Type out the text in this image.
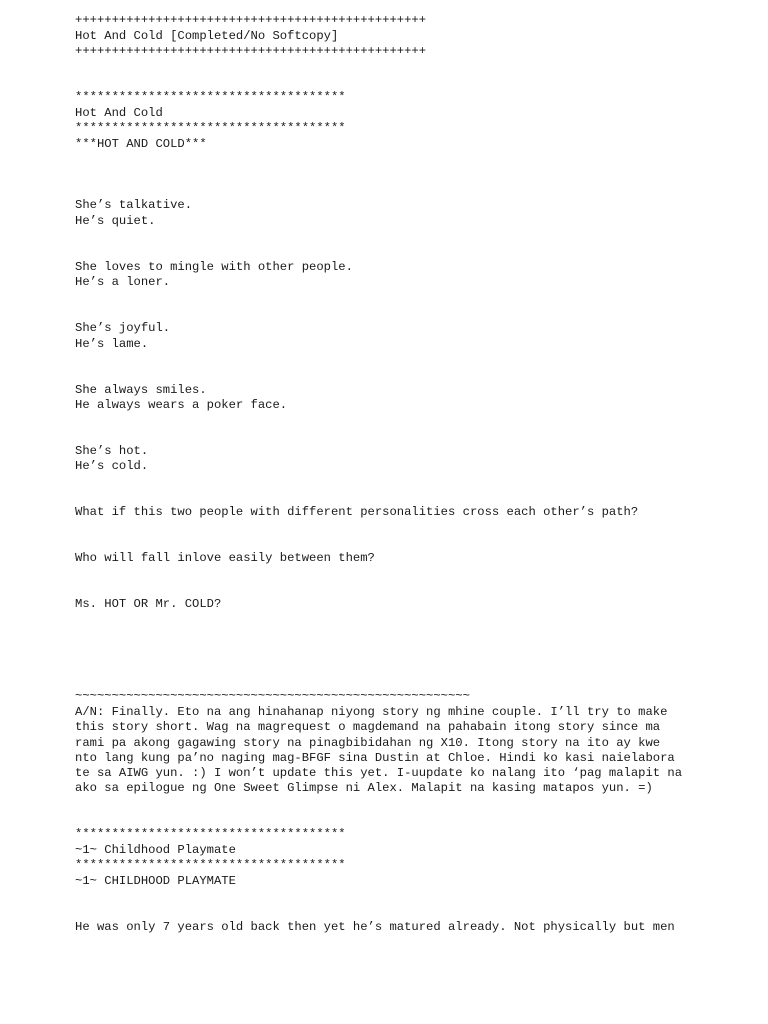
++++++++++++++++++++++++++++++++++++++++++++++++
Hot And Cold [Completed/No Softcopy]
++++++++++++++++++++++++++++++++++++++++++++++++
*************************************
Hot And Cold
*************************************
***HOT AND COLD***
She’s talkative.
He’s quiet.
She loves to mingle with other people.
He’s a loner.
She’s joyful.
He’s lame.
She always smiles.
He always wears a poker face.
She’s hot.
He’s cold.
What if this two people with different personalities cross each other’s path?
Who will fall inlove easily between them?
Ms. HOT OR Mr. COLD?
~~~~~~~~~~~~~~~~~~~~~~~~~~~~~~~~~~~~~~~~~~~~~~~~~~~~~~
A/N: Finally. Eto na ang hinahanap niyong story ng mhine couple. I’ll try to make
this story short. Wag na magrequest o magdemand na pahabain itong story since ma
rami pa akong gagawing story na pinagbibidahan ng X10. Itong story na ito ay kwe
nto lang kung pa’no naging mag-BFGF sina Dustin at Chloe. Hindi ko kasi naielabora
te sa AIWG yun. :) I won’t update this yet. I-uupdate ko nalang ito ‘pag malapit na
ako sa epilogue ng One Sweet Glimpse ni Alex. Malapit na kasing matapos yun. =)
*************************************
~1~ Childhood Playmate
*************************************
~1~ CHILDHOOD PLAYMATE
He was only 7 years old back then yet he’s matured already. Not physically but men
